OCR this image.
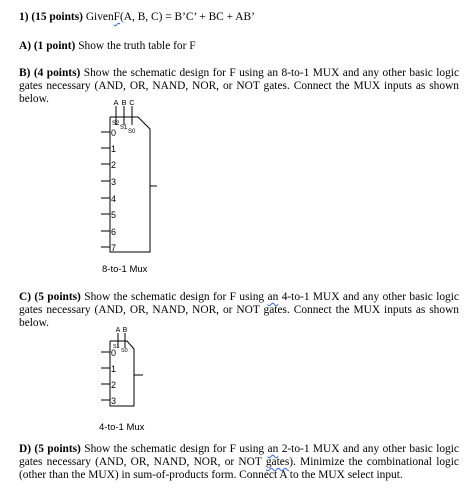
1) (15 points) GivenF(A, B, C) = B’C’ + BC + AB’

A) (1 point) Show the truth table for F

B) (4 points) Show the schematic design for F using an 8-to-1 MUX and any other basic logic

gates necessary (AND, OR, NAND, NOR, or NOT gates. Connect the MUX inputs as shown

below.	A B C
S2
S1
S0
0
1
2
3
4
5
6
7
8-to-1 Mux

C) (5 points) Show the schematic design for F using an 4-to-1 MUX and any other basic logic

gates necessary (AND, OR, NAND, NOR, or NOT gates. Connect the MUX inputs as shown

below.

A B
S1
S0
0
1
2
3
4-to-1 Mux

D) (5 points) Show the schematic design for F using an 2-to-1 MUX and any other basic logic

gates necessary (AND, OR, NAND, NOR, or NOT gates). Minimize the combinational logic

(other than the MUX) in sum-of-products form. Connect A to the MUX select input.
